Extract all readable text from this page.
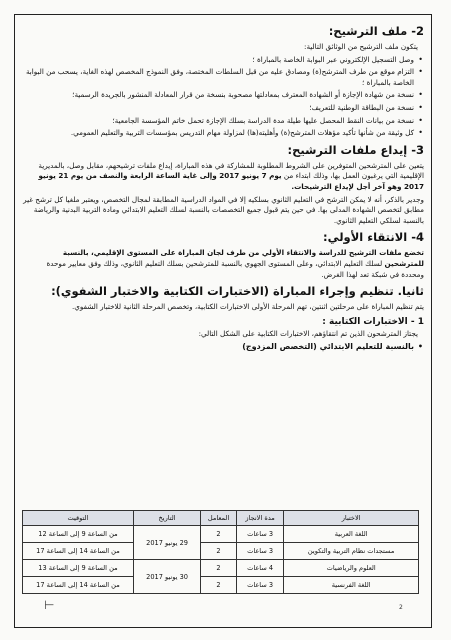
2- ملف الترشيح:
يتكون ملف الترشيح من الوثائق التالية:
• وصل التسجيل الإلكتروني عبر البوابة الخاصة بالمباراة ؛
• التزام موقع من طرف المترشح(ة) ومصادق عليه من قبل السلطات المختصة، وفق النموذج المخصص لهذه الغاية، يسحب من البوابة الخاصة بالمباراة ؛
• نسخة من شهادة الإجازة أو الشهادة المعترف بمعادلتها مصحوبة بنسخة من قرار المعادلة المنشور بالجريدة الرسمية؛
• نسخة من البطاقة الوطنية للتعريف؛
• نسخة من بيانات النقط المحصل عليها طيلة مدة الدراسة بسلك الإجازة تحمل خاتم المؤسسة الجامعية؛
• كل وثيقة من شأنها تأكيد مؤهلات المترشح(ة) وأهليته(ها) لمزاولة مهام التدريس بمؤسسات التربية والتعليم العمومي.
3- إيداع ملفات الترشيح:
يتعين على المترشحين المتوفرين على الشروط المطلوبة للمشاركة في هذه المباراة، إيداع ملفات ترشيحهم، مقابل وصل، بالمديرية الإقليمية التي يرغبون العمل بها، وذلك ابتداء من يوم 7 يونيو 2017 وإلى غاية الساعة الرابعة والنصف من يوم 21 يونيو 2017 وهو آخر أجل لإيداع الترشيحات.
وجدير بالذكر، أنه لا يمكن الترشح في التعليم الثانوي بسلكيه إلا في المواد الدراسية المطابقة لمجال التخصص، ويعتبر ملغيا كل ترشح غير مطابق لتخصص الشهادة المدلى بها. في حين يتم قبول جميع التخصصات بالنسبة لسلك التعليم الابتدائي ومادة التربية البدنية والرياضة بالنسبة لسلكي التعليم الثانوي.
4- الانتقاء الأولي:
تخضع ملفات الترشيح للدراسة والانتقاء الأولي من طرف لجان المباراة على المستوى الإقليمي، بالنسبة للمترشحين لسلك التعليم الابتدائي، وعلى المستوى الجهوي بالنسبة للمترشحين بسلك التعليم الثانوي، وذلك وفق معايير موحدة ومحددة في شبكة تعد لهذا الغرض.
ثانيا. تنظيم وإجراء المباراة (الاختبارات الكتابية والاختبار الشفوي):
يتم تنظيم المباراة على مرحلتين اثنتين، تهم المرحلة الأولى الاختبارات الكتابية، وتخصص المرحلة الثانية للاختبار الشفوي.
1 - الاختبارات الكتابية :
يجتاز المترشحون الذين تم انتقاؤهم، الاختبارات الكتابية على الشكل التالي:
• بالنسبة للتعليم الابتدائي (التخصص المزدوج)
الاختبار	مدة الانجاز	المعامل	التاريخ	التوقيت
اللغة العربية	3 ساعات	2	29 يونيو 2017	من الساعة 9 إلى الساعة 12
مستجدات نظام التربية والتكوين	3 ساعات	2		من الساعة 14 إلى الساعة 17
العلوم والرياضيات	4 ساعات	2	30 يونيو 2017	من الساعة 9 إلى الساعة 13
اللغة الفرنسية	3 ساعات	2		من الساعة 14 إلى الساعة 17
⊢	2
